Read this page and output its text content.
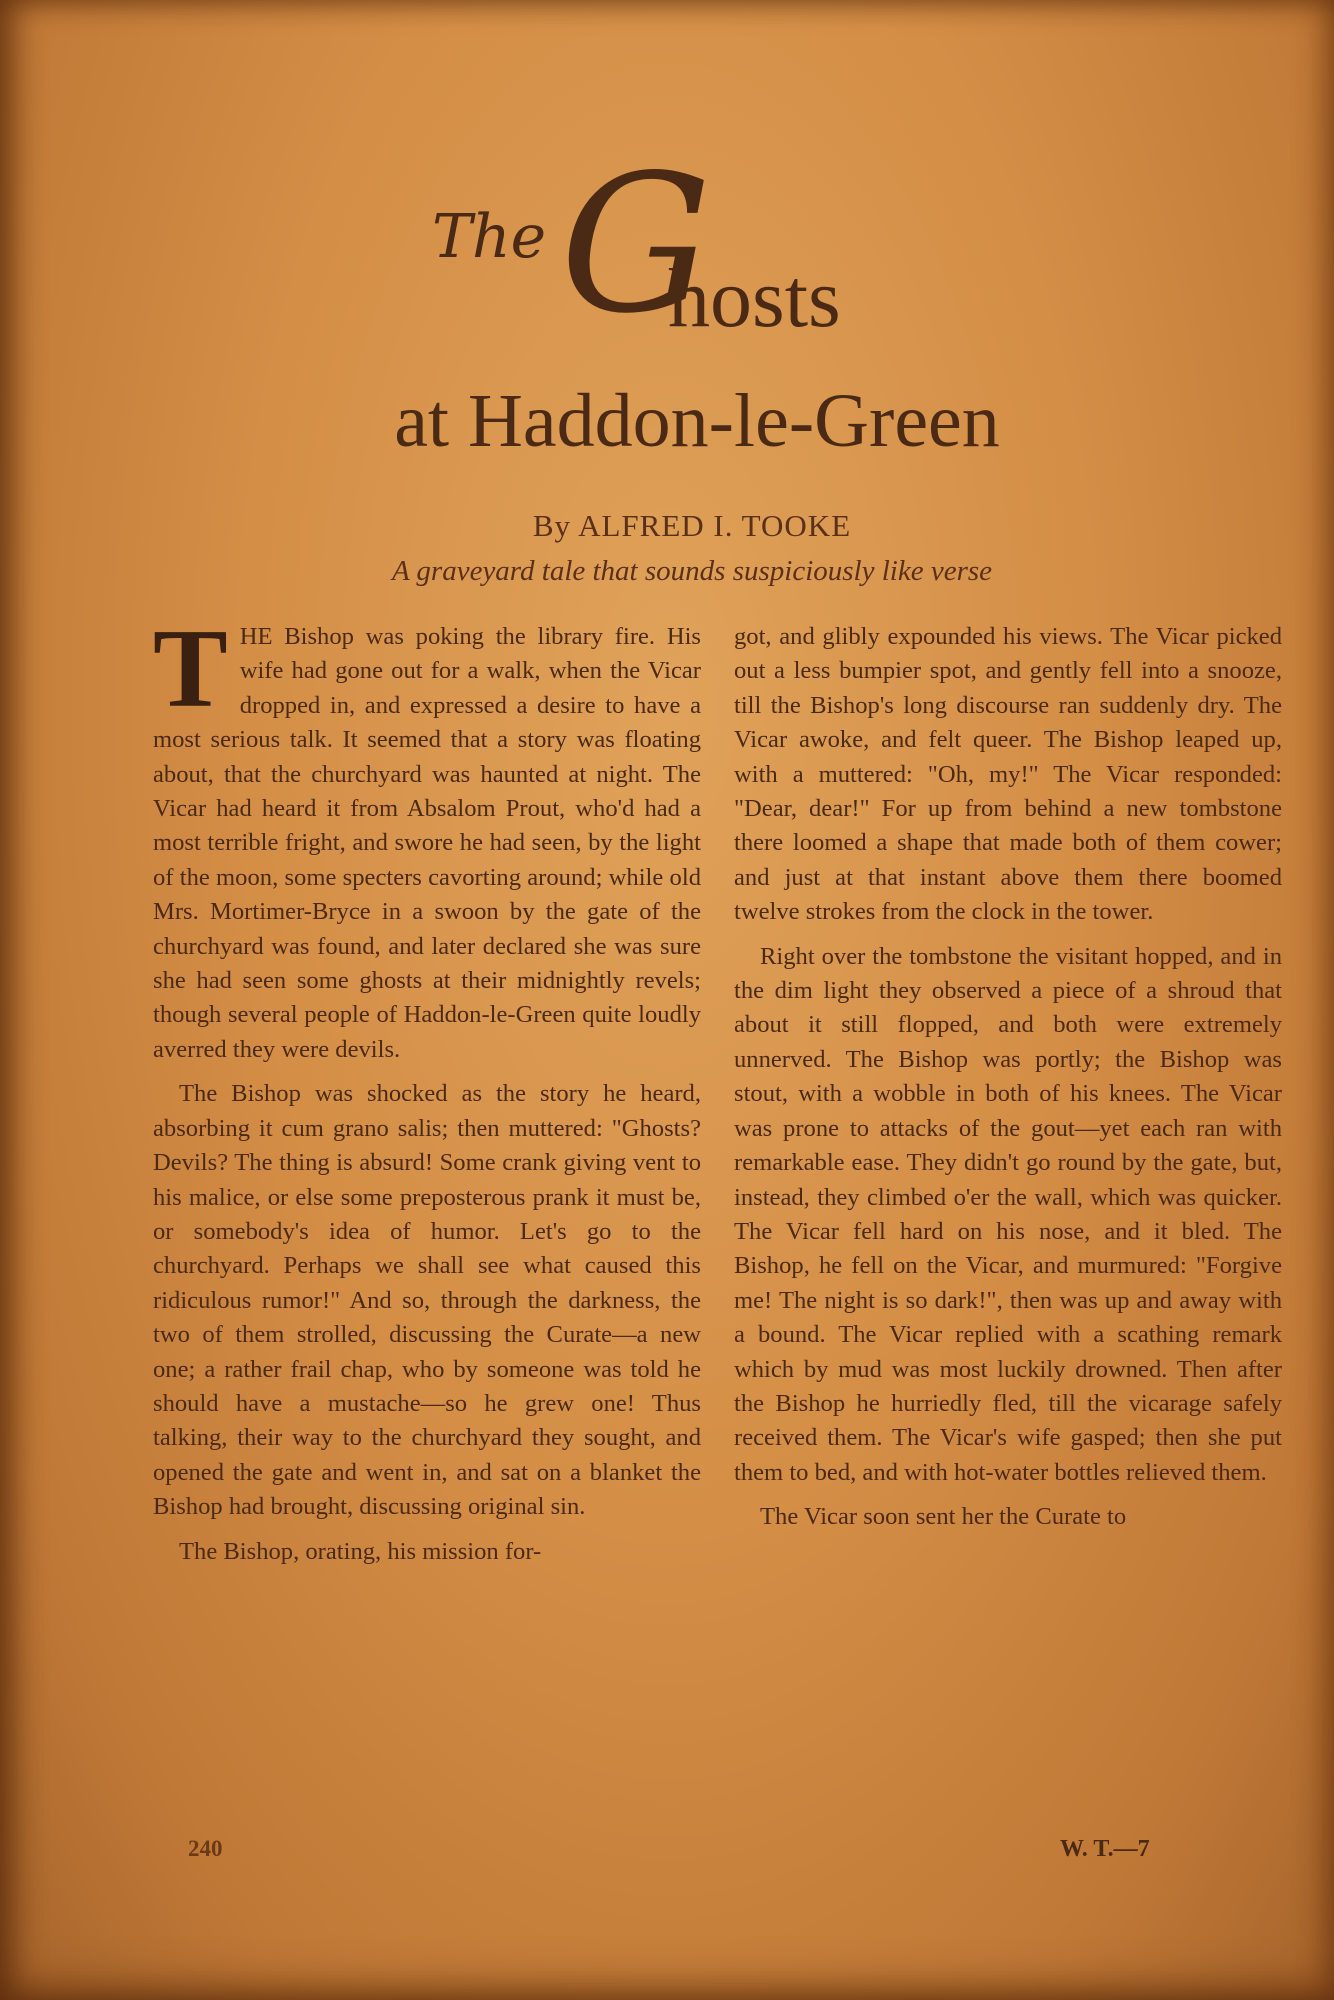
The G
hosts
at Haddon-le-Green
By ALFRED I. TOOKE
A graveyard tale that sounds suspiciously like verse

THE Bishop was poking the library fire. His wife had gone out for a walk, when the Vicar dropped in, and expressed a desire to have a most serious talk. It seemed that a story was floating about, that the churchyard was haunted at night. The Vicar had heard it from Absalom Prout, who'd had a most terrible fright, and swore he had seen, by the light of the moon, some specters cavorting around; while old Mrs. Mortimer-Bryce in a swoon by the gate of the churchyard was found, and later declared she was sure she had seen some ghosts at their midnightly revels; though several people of Haddon-le-Green quite loudly averred they were devils.

The Bishop was shocked as the story he heard, absorbing it cum grano salis; then muttered: "Ghosts? Devils? The thing is absurd! Some crank giving vent to his malice, or else some preposterous prank it must be, or somebody's idea of humor. Let's go to the churchyard. Perhaps we shall see what caused this ridiculous rumor!" And so, through the darkness, the two of them strolled, discussing the Curate—a new one; a rather frail chap, who by someone was told he should have a mustache—so he grew one! Thus talking, their way to the churchyard they sought, and opened the gate and went in, and sat on a blanket the Bishop had brought, discussing original sin.

The Bishop, orating, his mission for-

got, and glibly expounded his views. The Vicar picked out a less bumpier spot, and gently fell into a snooze, till the Bishop's long discourse ran suddenly dry. The Vicar awoke, and felt queer. The Bishop leaped up, with a muttered: "Oh, my!" The Vicar responded: "Dear, dear!" For up from behind a new tombstone there loomed a shape that made both of them cower; and just at that instant above them there boomed twelve strokes from the clock in the tower.

Right over the tombstone the visitant hopped, and in the dim light they observed a piece of a shroud that about it still flopped, and both were extremely unnerved. The Bishop was portly; the Bishop was stout, with a wobble in both of his knees. The Vicar was prone to attacks of the gout—yet each ran with remarkable ease. They didn't go round by the gate, but, instead, they climbed o'er the wall, which was quicker. The Vicar fell hard on his nose, and it bled. The Bishop, he fell on the Vicar, and murmured: "Forgive me! The night is so dark!", then was up and away with a bound. The Vicar replied with a scathing remark which by mud was most luckily drowned. Then after the Bishop he hurriedly fled, till the vicarage safely received them. The Vicar's wife gasped; then she put them to bed, and with hot-water bottles relieved them.

The Vicar soon sent her the Curate to

240	W. T.—7
